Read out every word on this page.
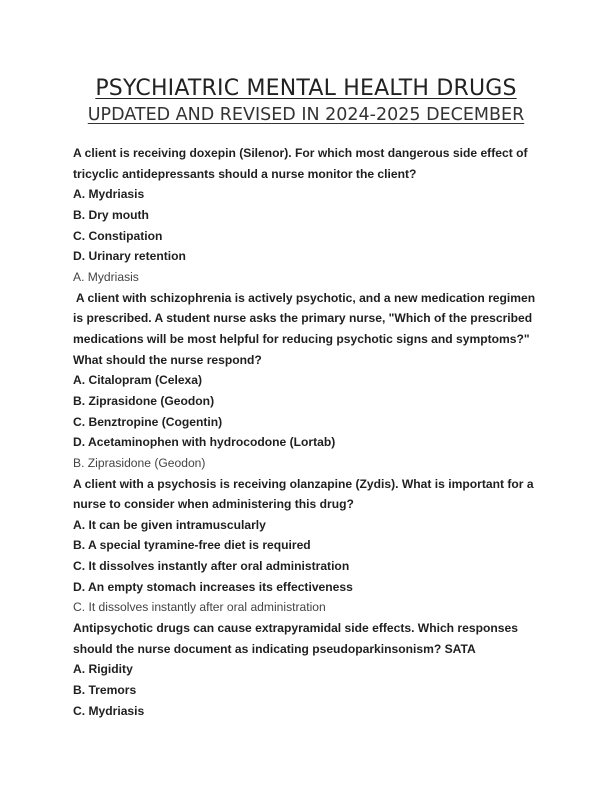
PSYCHIATRIC MENTAL HEALTH DRUGS
UPDATED AND REVISED IN 2024-2025 DECEMBER

A client is receiving doxepin (Silenor). For which most dangerous side effect of

tricyclic antidepressants should a nurse monitor the client?

A. Mydriasis

B. Dry mouth

C. Constipation

D. Urinary retention

A. Mydriasis

A client with schizophrenia is actively psychotic, and a new medication regimen

is prescribed. A student nurse asks the primary nurse, "Which of the prescribed

medications will be most helpful for reducing psychotic signs and symptoms?"

What should the nurse respond?

A. Citalopram (Celexa)

B. Ziprasidone (Geodon)

C. Benztropine (Cogentin)

D. Acetaminophen with hydrocodone (Lortab)

B. Ziprasidone (Geodon)

A client with a psychosis is receiving olanzapine (Zydis). What is important for a

nurse to consider when administering this drug?

A. It can be given intramuscularly

B. A special tyramine-free diet is required

C. It dissolves instantly after oral administration

D. An empty stomach increases its effectiveness

C. It dissolves instantly after oral administration

Antipsychotic drugs can cause extrapyramidal side effects. Which responses

should the nurse document as indicating pseudoparkinsonism? SATA

A. Rigidity

B. Tremors

C. Mydriasis
